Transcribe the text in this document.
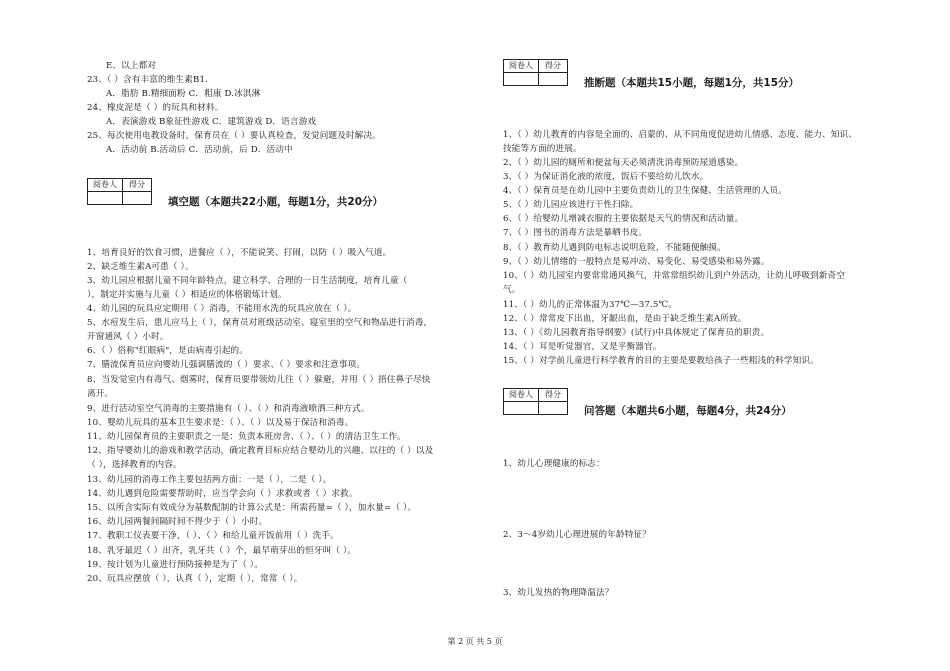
E、以上都对
23、（ ）含有丰富的维生素B1.
A．脂肪 B.精细面粉 C．粗康 D.冰淇淋
24、橡皮泥是（ ）的玩具和材料。
A．表演游戏 B象征性游戏 C．建筑游戏 D．语言游戏
25、每次使用电教设备时，保育员在（ ）要认真检查，发觉问题及时解决。
A．活动前 B.活动后 C．活动前，后 D．活动中
阅卷人	得分
填空题（本题共22小题，每题1分，共20分）
1、培育良好的饮食习惯，进餐应（ ），不能说笑、打闹，以防（ ）吸入气道。
2、缺乏维生素A可患（ ）。
3、幼儿园应根据儿童不同年龄特点，建立科学、合理的一日生活制度，培育儿童（
），制定并实施与儿童（ ）相适应的体格锻炼计划。
4、幼儿园的玩具应定期用（ ）消毒，不能用水洗的玩具应放在（ ）。
5、水痘发生后，患儿应马上（ ），保育员对班级活动室、寝室里的空气和物品进行消毒，
开窗通风（ ）小时。
6、（ ）俗称"红眼病"，是由病毒引起的。
7、膳流保育员应向婴幼儿强调膳流的（ ）要求、（ ）要求和注意事项。
8、当发觉室内有毒气、烟雾时，保育员要带领幼儿往（ ）躲避，并用（ ）捂住鼻子尽快
离开。
9、进行活动室空气消毒的主要措施有（ ）、（ ）和消毒液喷洒三种方式。
10、婴幼儿玩具的基本卫生要求是：（ ）、（ ）以及易于保洁和消毒。
11、幼儿园保育员的主要职责之一是：负责本班房舍、（ ）、（ ）的清洁卫生工作。
12、指导婴幼儿的游戏和教学活动，确定教育目标应结合婴幼儿的兴趣、以往的（ ）以及
（ ），选择教育的内容。
13、幼儿园的消毒工作主要包括两方面：一是（ ），二是（ ）。
14、幼儿遇到危险需要帮助时，应当学会向（ ）求救或者（ ）求救。
15、以所含实际有效成分为基数配制的计算公式是：所需药量=（ ），加水量=（ ）。
16、幼儿园两餐间隔时间不得少于（ ）小时。
17、教职工仪表要干净，（ ）、（ ）和给儿童开饭前用（ ）洗手。
18、乳牙最迟（ ）出齐，乳牙共（ ）个，最早萌芽出的恒牙叫（ ）。
19、按计划为儿童进行预防接种是为了（ ）。
20、玩具应摆放（ ），认真（ ），定期（ ），常常（ ）。
阅卷人	得分
推断题（本题共15小题，每题1分，共15分）
1、（ ）幼儿教育的内容是全面的、启蒙的、从不同角度促进幼儿情感、态度、能力、知识、
技能等方面的进展。
2、（ ）幼儿园的厕所和便盆每天必须清洗消毒预防尿道感染。
3、（ ）为保证消化液的浓度，饭后不要给幼儿饮水。
4、（ ）保育员是在幼儿园中主要负责幼儿的卫生保健、生活管理的人员。
5、（ ）幼儿园应该进行干性扫除。
6、（ ）给婴幼儿增减衣服的主要依据是天气的情况和活动量。
7、（ ）图书的消毒方法是暴晒书皮。
8、（ ）教育幼儿遇到防电标志说明危险，不能随便触摸。
9、（ ）幼儿情绪的一般特点是易冲动、易变化、易受感染和易外露。
10、（ ）幼儿园室内要常常通风换气，并常常组织幼儿到户外活动，让幼儿呼吸到新奇空
气。
11、（ ）幼儿的正常体温为37℃—37.5℃。
12、（ ）常常皮下出血，牙龈出血，是由于缺乏维生素A所致。
13、（ ）《幼儿园教育指导纲要》(试行)中具体规定了保育员的职责。
14、（ ）耳是听觉器官，又是平衡器官。
15、（ ）对学前儿童进行科学教育的目的主要是要教给孩子一些粗浅的科学知识。
阅卷人	得分
问答题（本题共6小题，每题4分，共24分）
1、幼儿心理健康的标志：
2、3～4岁幼儿心理进展的年龄特征？
3、幼儿发热的物理降温法？
第 2 页 共 5 页
